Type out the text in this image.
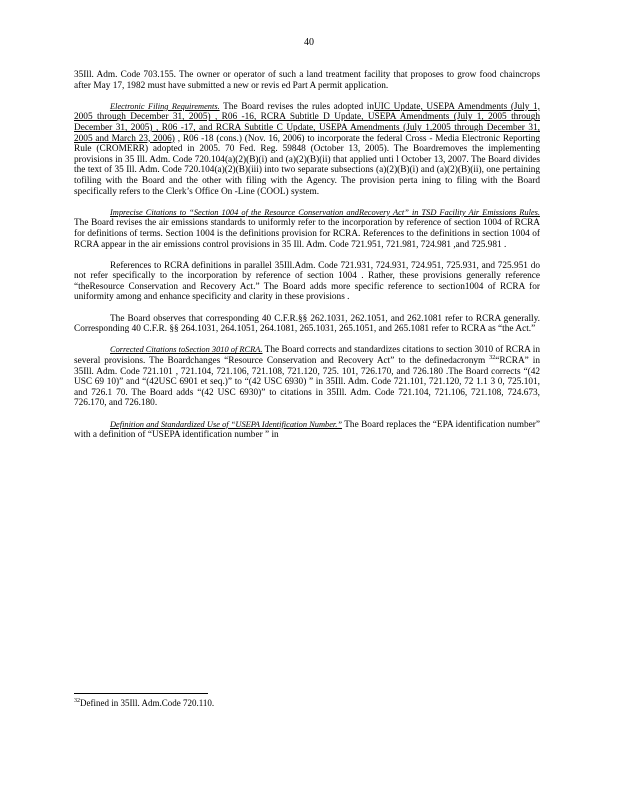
40

35Ill. Adm. Code 703.155. The owner or operator of such a land treatment facility that proposes to grow food chaincrops after May 17, 1982 must have submitted a new or revis ed Part A permit application.

Electronic Filing Requirements. The Board revises the rules adopted inUIC Update, USEPA Amendments (July 1, 2005 through December 31, 2005) , R06 -16, RCRA Subtitle D Update, USEPA Amendments (July 1, 2005 through December 31, 2005) , R06 -17, and RCRA Subtitle C Update, USEPA Amendments (July 1,2005 through December 31, 2005 and March 23, 2006) , R06 -18 (cons.) (Nov. 16, 2006) to incorporate the federal Cross - Media Electronic Reporting Rule (CROMERR) adopted in 2005. 70 Fed. Reg. 59848 (October 13, 2005). The Boardremoves the implementing provisions in 35 Ill. Adm. Code 720.104(a)(2)(B)(i) and (a)(2)(B)(ii) that applied unti l October 13, 2007. The Board divides the text of 35 Ill. Adm. Code 720.104(a)(2)(B)(iii) into two separate subsections (a)(2)(B)(i) and (a)(2)(B)(ii), one pertaining tofiling with the Board and the other with filing with the Agency. The provision perta ining to filing with the Board specifically refers to the Clerk’s Office On -Line (COOL) system.

Imprecise Citations to “Section 1004 of the Resource Conservation andRecovery Act” in TSD Facility Air Emissions Rules. The Board revises the air emissions standards to uniformly refer to the incorporation by reference of section 1004 of RCRA for definitions of terms. Section 1004 is the definitions provision for RCRA. References to the definitions in section 1004 of RCRA appear in the air emissions control provisions in 35 Ill. Adm. Code 721.951, 721.981, 724.981 ,and 725.981 .

References to RCRA definitions in parallel 35Ill.Adm. Code 721.931, 724.931, 724.951, 725.931, and 725.951 do not refer specifically to the incorporation by reference of section 1004 . Rather, these provisions generally reference “theResource Conservation and Recovery Act.” The Board adds more specific reference to section1004 of RCRA for uniformity among and enhance specificity and clarity in these provisions .

The Board observes that corresponding 40 C.F.R.§§ 262.1031, 262.1051, and 262.1081 refer to RCRA generally. Corresponding 40 C.F.R. §§ 264.1031, 264.1051, 264.1081, 265.1031, 265.1051, and 265.1081 refer to RCRA as “the Act.”

Corrected Citations toSection 3010 of RCRA. The Board corrects and standardizes citations to section 3010 of RCRA in several provisions. The Boardchanges “Resource Conservation and Recovery Act” to the definedacronym $^{32}$“RCRA” in 35Ill. Adm. Code 721.101 , 721.104, 721.106, 721.108, 721.120, 725. 101, 726.170, and 726.180 .The Board corrects “(42 USC 69 10)” and “(42USC 6901 et seq.)” to “(42 USC 6930) ” in 35Ill. Adm. Code 721.101, 721.120, 72 1.1 3 0, 725.101, and 726.1 70. The Board adds “(42 USC 6930)” to citations in 35Ill. Adm. Code 721.104, 721.106, 721.108, 724.673, 726.170, and 726.180.

Definition and Standardized Use of “USEPA Identification Number.” The Board replaces the “EPA identification number” with a definition of “USEPA identification number ” in

$^{32}$Defined in 35Ill. Adm.Code 720.110.
